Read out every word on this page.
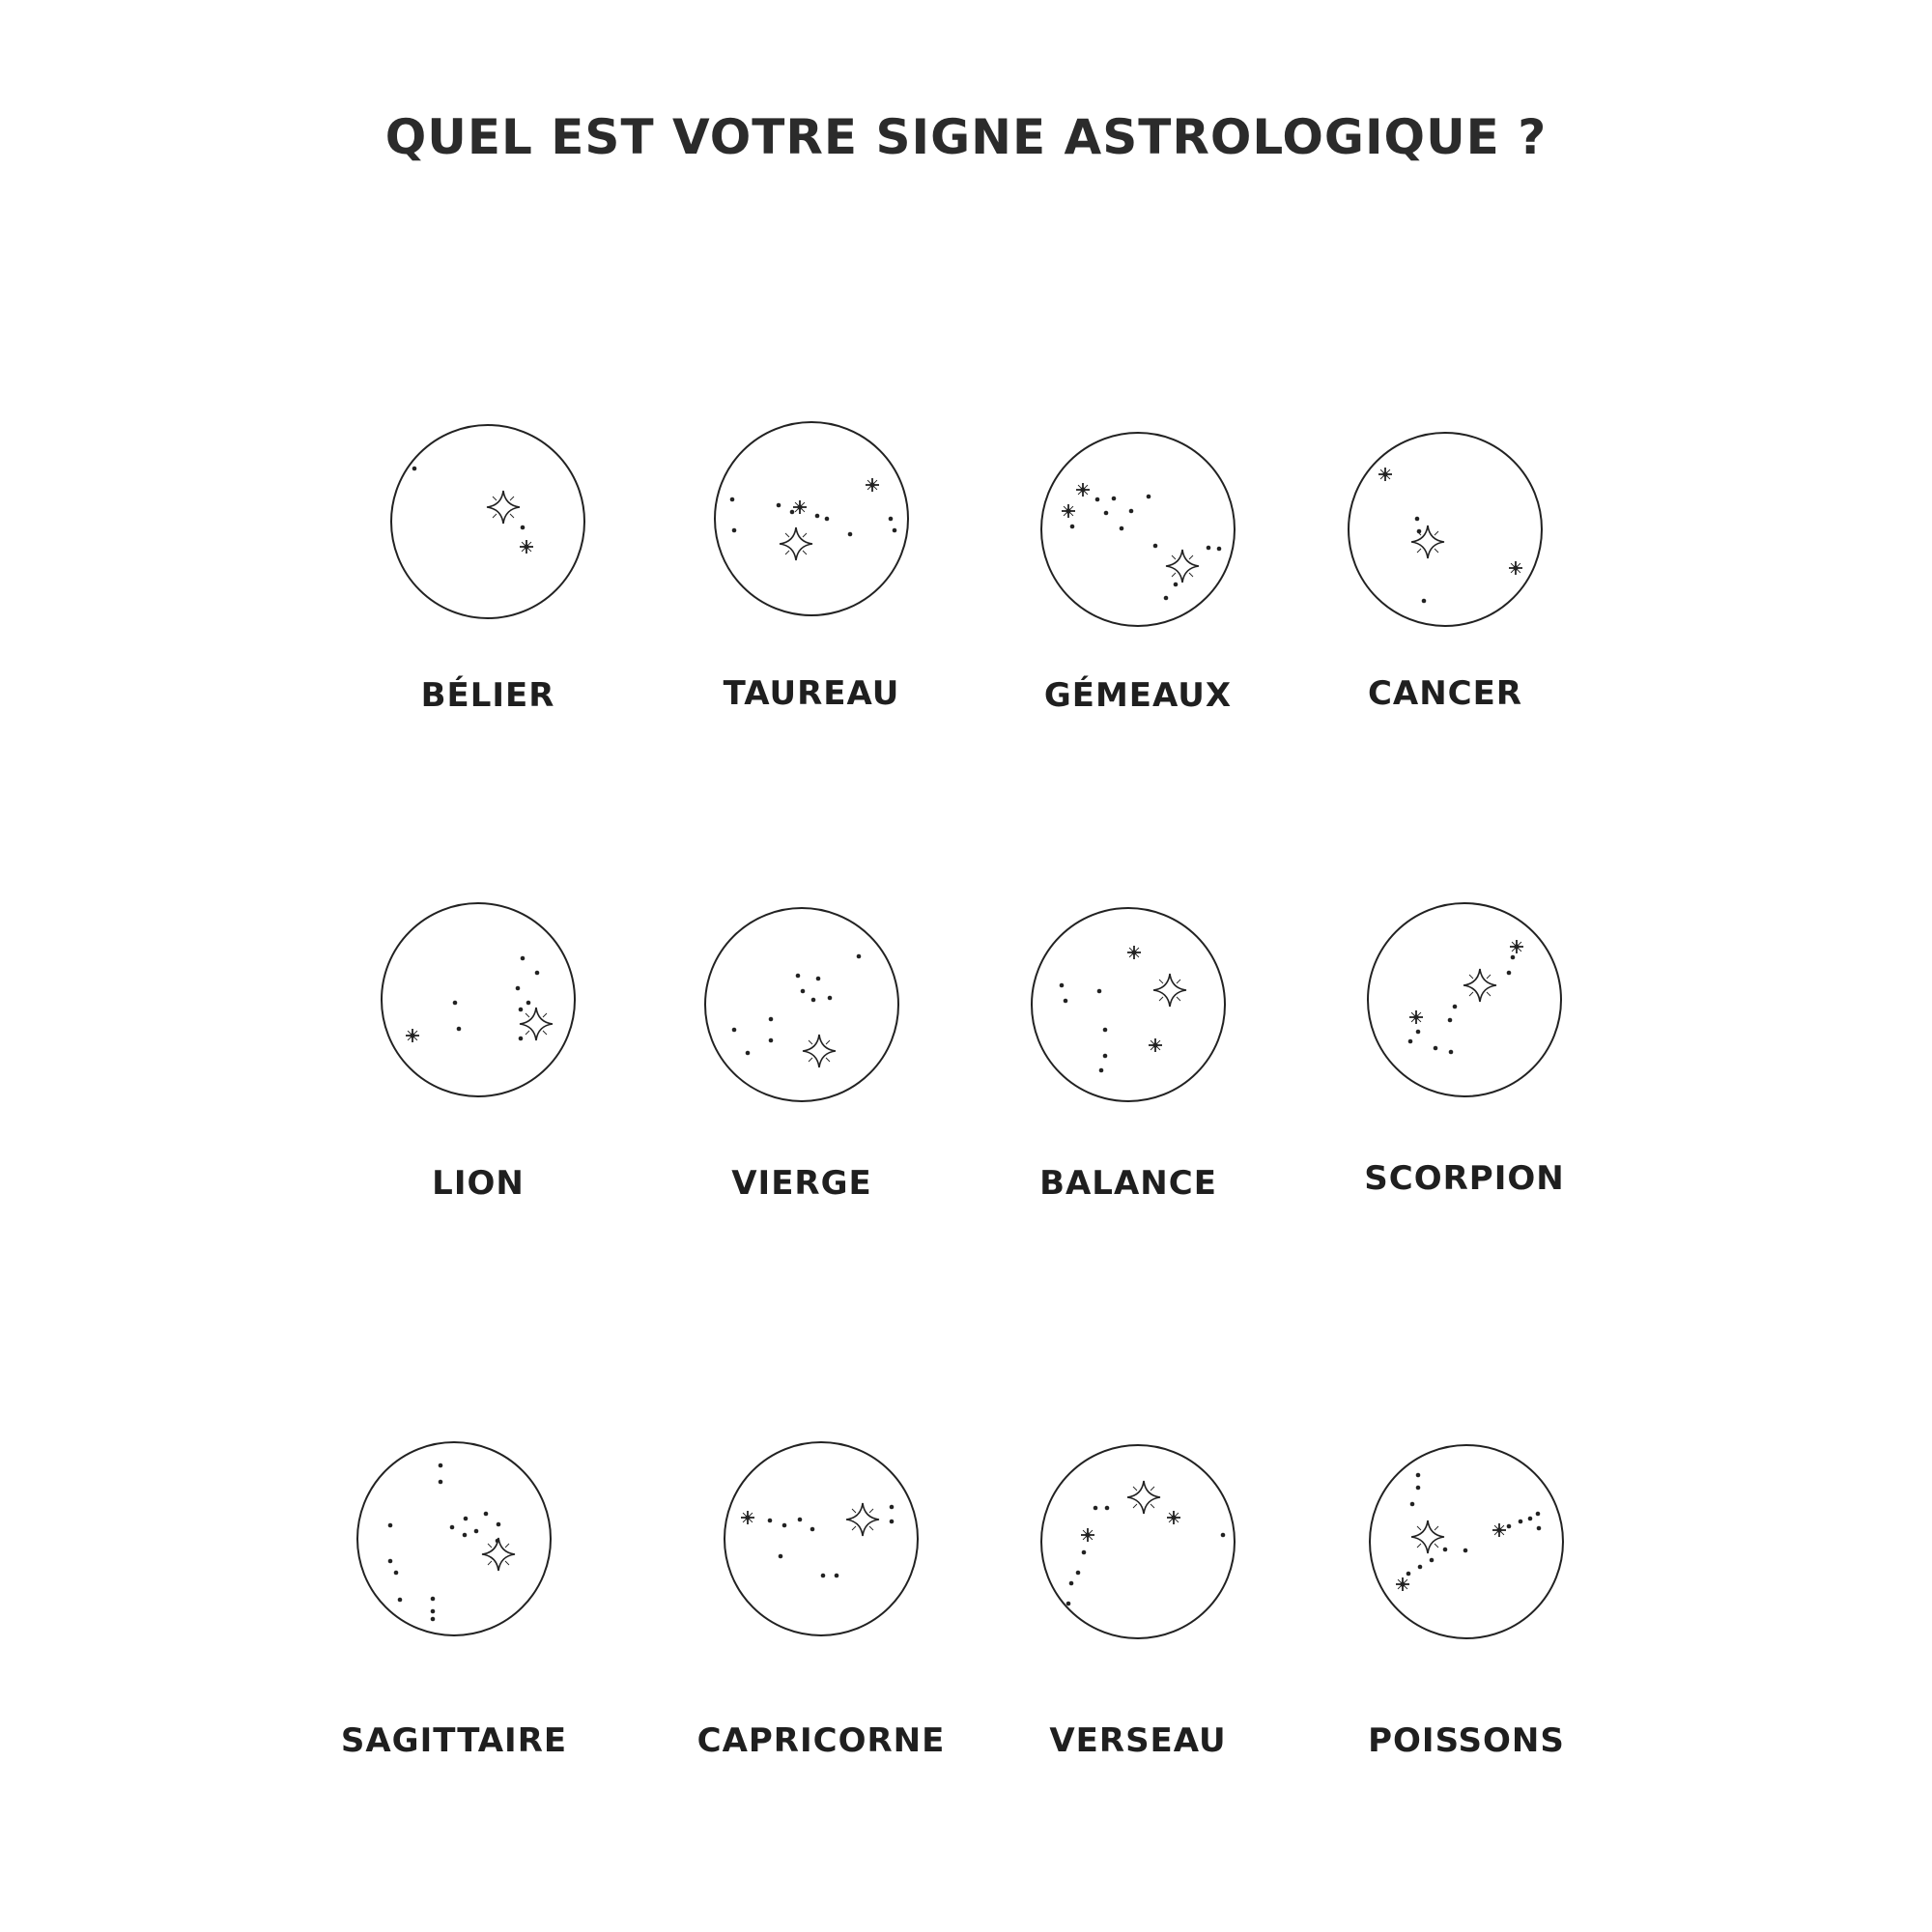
QUEL EST VOTRE SIGNE ASTROLOGIQUE ?
BÉLIER	TAUREAU	GÉMEAUX	CANCER
LION	VIERGE	BALANCE	SCORPION
SAGITTAIRE	CAPRICORNE	VERSEAU	POISSONS
